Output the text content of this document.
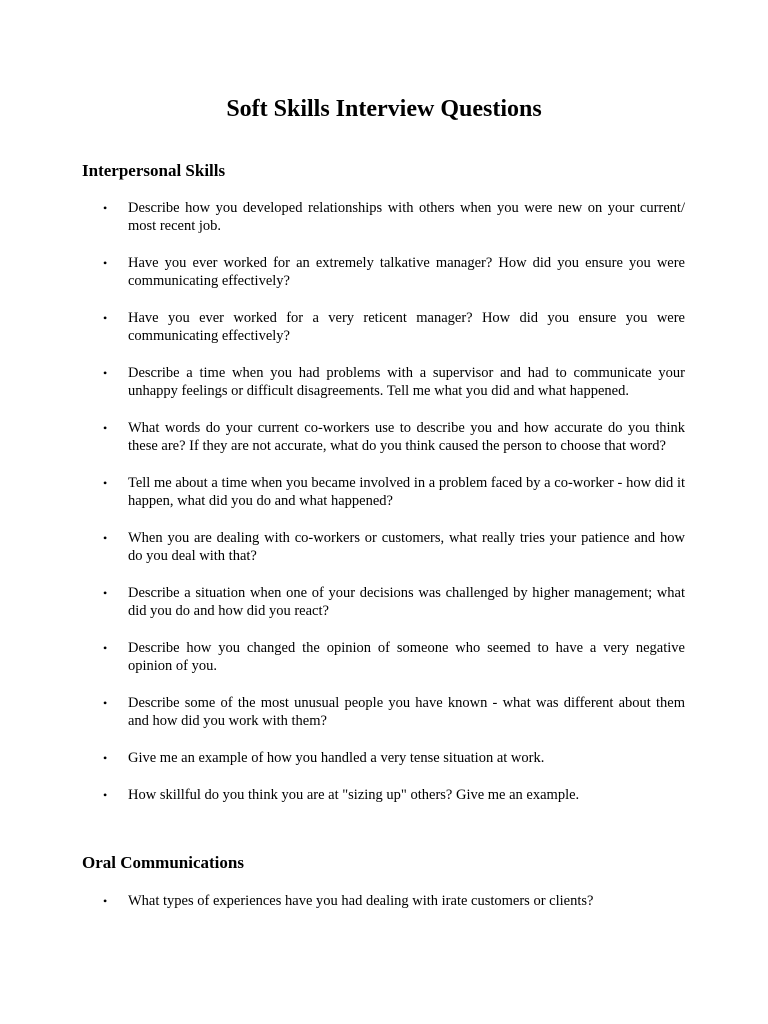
Soft Skills Interview Questions
Interpersonal Skills
• Describe how you developed relationships with others when you were new on your current/ most recent job.
• Have you ever worked for an extremely talkative manager? How did you ensure you were communicating effectively?
• Have you ever worked for a very reticent manager? How did you ensure you were communicating effectively?
• Describe a time when you had problems with a supervisor and had to communicate your unhappy feelings or difficult disagreements. Tell me what you did and what happened.
• What words do your current co-workers use to describe you and how accurate do you think these are? If they are not accurate, what do you think caused the person to choose that word?
• Tell me about a time when you became involved in a problem faced by a co-worker - how did it happen, what did you do and what happened?
• When you are dealing with co-workers or customers, what really tries your patience and how do you deal with that?
• Describe a situation when one of your decisions was challenged by higher management; what did you do and how did you react?
• Describe how you changed the opinion of someone who seemed to have a very negative opinion of you.
• Describe some of the most unusual people you have known - what was different about them and how did you work with them?
• Give me an example of how you handled a very tense situation at work.
• How skillful do you think you are at "sizing up" others? Give me an example.
Oral Communications
• What types of experiences have you had dealing with irate customers or clients?
